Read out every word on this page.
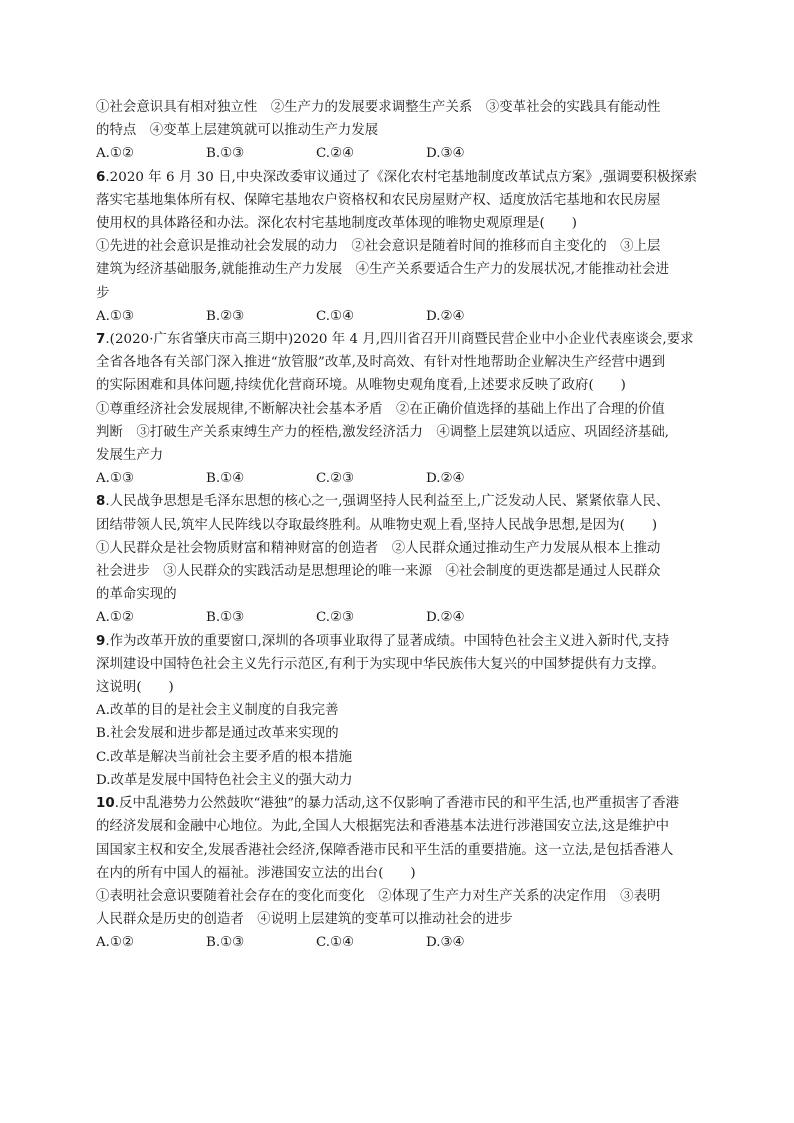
①社会意识具有相对独立性　②生产力的发展要求调整生产关系　③变革社会的实践具有能动性
的特点　④变革上层建筑就可以推动生产力发展
A.①②	B.①③	C.②④	D.③④
6.2020 年 6 月 30 日,中央深改委审议通过了《深化农村宅基地制度改革试点方案》,强调要积极探索
落实宅基地集体所有权、保障宅基地农户资格权和农民房屋财产权、适度放活宅基地和农民房屋
使用权的具体路径和办法。深化农村宅基地制度改革体现的唯物史观原理是(　　)
①先进的社会意识是推动社会发展的动力　②社会意识是随着时间的推移而自主变化的　③上层
建筑为经济基础服务,就能推动生产力发展　④生产关系要适合生产力的发展状况,才能推动社会进
步
A.①③	B.②③	C.①④	D.②④
7.(2020·广东省肇庆市高三期中)2020 年 4 月,四川省召开川商暨民营企业中小企业代表座谈会,要求
全省各地各有关部门深入推进“放管服”改革,及时高效、有针对性地帮助企业解决生产经营中遇到
的实际困难和具体问题,持续优化营商环境。从唯物史观角度看,上述要求反映了政府(　　)
①尊重经济社会发展规律,不断解决社会基本矛盾　②在正确价值选择的基础上作出了合理的价值
判断　③打破生产关系束缚生产力的桎梏,激发经济活力　④调整上层建筑以适应、巩固经济基础,
发展生产力
A.①③	B.①④	C.②③	D.②④
8.人民战争思想是毛泽东思想的核心之一,强调坚持人民利益至上,广泛发动人民、紧紧依靠人民、
团结带领人民,筑牢人民阵线以夺取最终胜利。从唯物史观上看,坚持人民战争思想,是因为(　　)
①人民群众是社会物质财富和精神财富的创造者　②人民群众通过推动生产力发展从根本上推动
社会进步　③人民群众的实践活动是思想理论的唯一来源　④社会制度的更迭都是通过人民群众
的革命实现的
A.①②	B.①③	C.②③	D.②④
9.作为改革开放的重要窗口,深圳的各项事业取得了显著成绩。中国特色社会主义进入新时代,支持
深圳建设中国特色社会主义先行示范区,有利于为实现中华民族伟大复兴的中国梦提供有力支撑。
这说明(　　)
A.改革的目的是社会主义制度的自我完善
B.社会发展和进步都是通过改革来实现的
C.改革是解决当前社会主要矛盾的根本措施
D.改革是发展中国特色社会主义的强大动力
10.反中乱港势力公然鼓吹“港独”的暴力活动,这不仅影响了香港市民的和平生活,也严重损害了香港
的经济发展和金融中心地位。为此,全国人大根据宪法和香港基本法进行涉港国安立法,这是维护中
国国家主权和安全,发展香港社会经济,保障香港市民和平生活的重要措施。这一立法,是包括香港人
在内的所有中国人的福祉。涉港国安立法的出台(　　)
①表明社会意识要随着社会存在的变化而变化　②体现了生产力对生产关系的决定作用　③表明
人民群众是历史的创造者　④说明上层建筑的变革可以推动社会的进步
A.①②	B.①③	C.①④	D.③④
